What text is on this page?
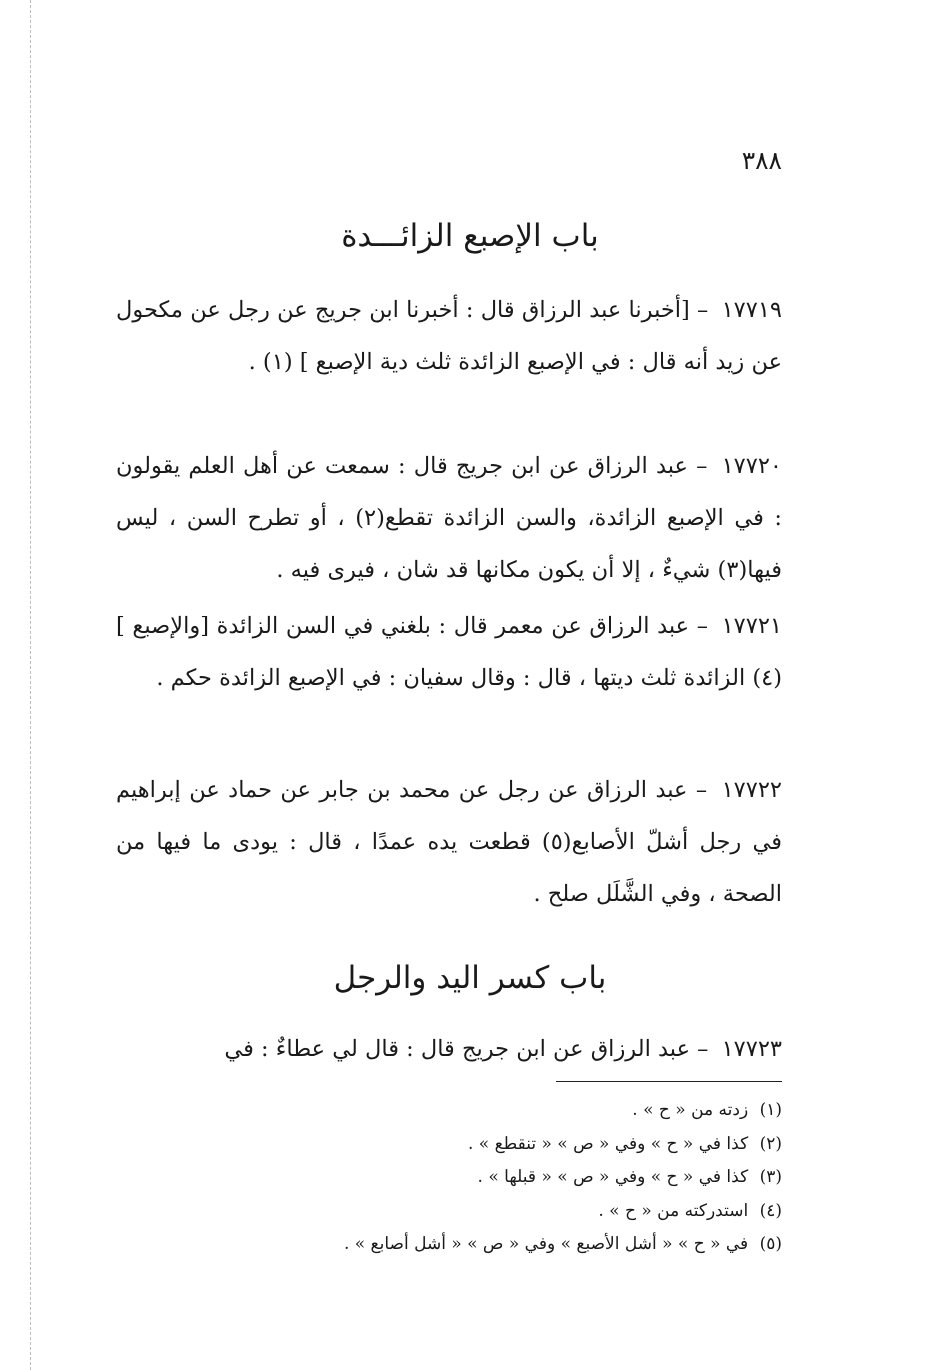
٣٨٨
باب الإصبع الزائـــدة

١٧٧١٩ – [أخبرنا عبد الرزاق قال : أخبرنا ابن جريج عن رجل عن مكحول عن زيد أنه قال : في الإصبع الزائدة ثلث دية الإصبع ] (١) .

١٧٧٢٠ – عبد الرزاق عن ابن جريج قال : سمعت عن أهل العلم يقولون : في الإصبع الزائدة، والسن الزائدة تقطع(٢) ، أو تطرح السن ، ليس فيها(٣) شيءٌ ، إلا أن يكون مكانها قد شان ، فيرى فيه .

١٧٧٢١ – عبد الرزاق عن معمر قال : بلغني في السن الزائدة [والإصبع ] (٤) الزائدة ثلث ديتها ، قال : وقال سفيان : في الإصبع الزائدة حكم .

١٧٧٢٢ – عبد الرزاق عن رجل عن محمد بن جابر عن حماد عن إبراهيم في رجل أشلّ الأصابع(٥) قطعت يده عمدًا ، قال : يودى ما فيها من الصحة ، وفي الشَّلَل صلح .

باب كسر اليد والرجل

١٧٧٢٣ – عبد الرزاق عن ابن جريج قال : قال لي عطاءٌ : في

(١) زدته من « ح » .
(٢) كذا في « ح » وفي « ص » « تنقطع » .
(٣) كذا في « ح » وفي « ص » « قبلها » .
(٤) استدركته من « ح » .
(٥) في « ح » « أشل الأصبع » وفي « ص » « أشل أصابع » .
